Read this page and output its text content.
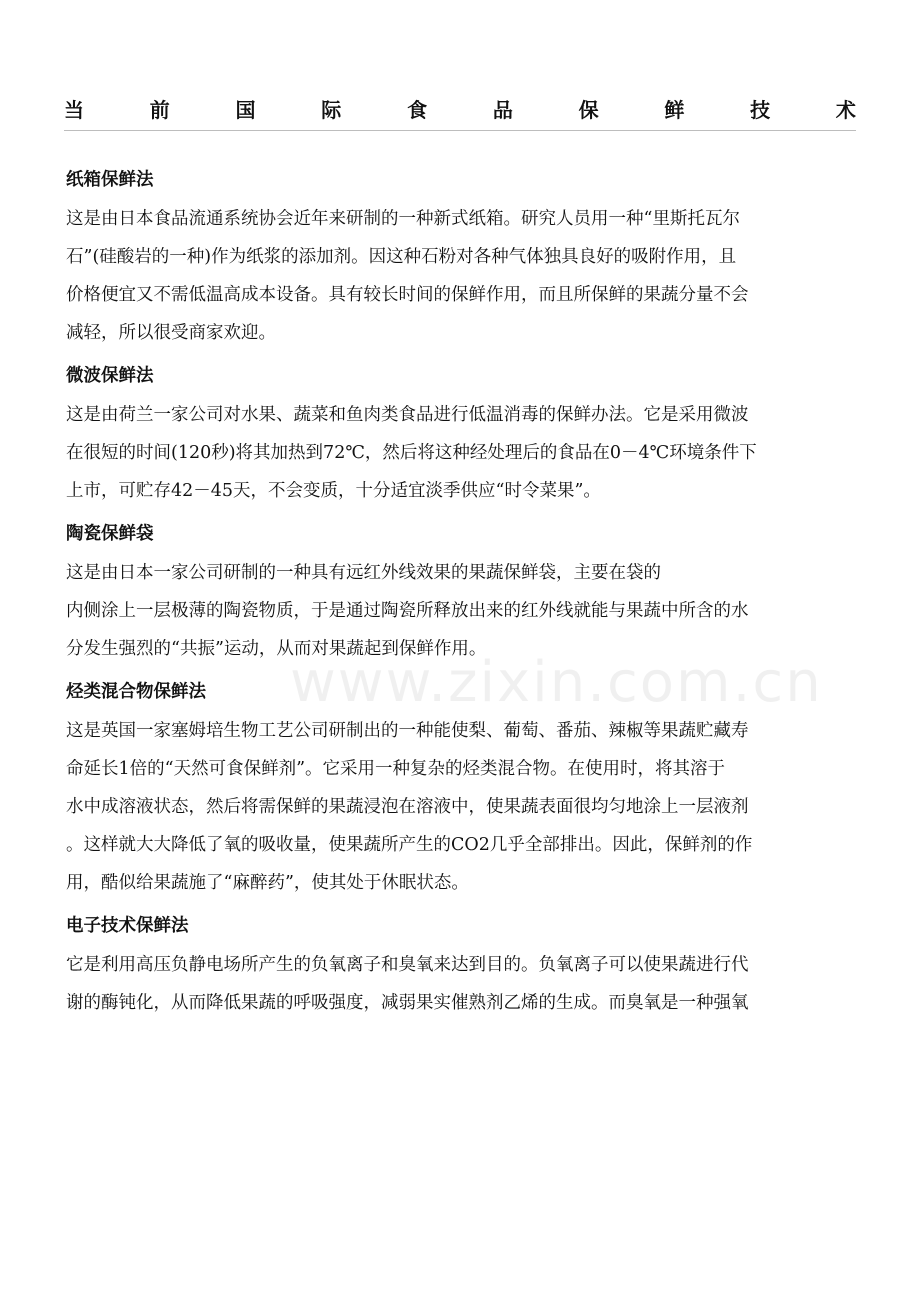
当	前	国	际	食	品	保	鲜	技	术
www.zixin.com.cn
纸箱保鲜法
这是由日本食品流通系统协会近年来研制的一种新式纸箱。研究人员用一种“里斯托瓦尔
石”(硅酸岩的一种)作为纸浆的添加剂。因这种石粉对各种气体独具良好的吸附作用，且
价格便宜又不需低温高成本设备。具有较长时间的保鲜作用，而且所保鲜的果蔬分量不会
减轻，所以很受商家欢迎。
微波保鲜法
这是由荷兰一家公司对水果、蔬菜和鱼肉类食品进行低温消毒的保鲜办法。它是采用微波
在很短的时间(120秒)将其加热到72℃，然后将这种经处理后的食品在0－4℃环境条件下
上市，可贮存42－45天，不会变质，十分适宜淡季供应“时令菜果”。
陶瓷保鲜袋
这是由日本一家公司研制的一种具有远红外线效果的果蔬保鲜袋，主要在袋的
内侧涂上一层极薄的陶瓷物质，于是通过陶瓷所释放出来的红外线就能与果蔬中所含的水
分发生强烈的“共振”运动，从而对果蔬起到保鲜作用。
烃类混合物保鲜法
这是英国一家塞姆培生物工艺公司研制出的一种能使梨、葡萄、番茄、辣椒等果蔬贮藏寿
命延长1倍的“天然可食保鲜剂”。它采用一种复杂的烃类混合物。在使用时，将其溶于
水中成溶液状态，然后将需保鲜的果蔬浸泡在溶液中，使果蔬表面很均匀地涂上一层液剂
。这样就大大降低了氧的吸收量，使果蔬所产生的CO2几乎全部排出。因此，保鲜剂的作
用，酷似给果蔬施了“麻醉药”，使其处于休眠状态。
电子技术保鲜法
它是利用高压负静电场所产生的负氧离子和臭氧来达到目的。负氧离子可以使果蔬进行代
谢的酶钝化，从而降低果蔬的呼吸强度，减弱果实催熟剂乙烯的生成。而臭氧是一种强氧
